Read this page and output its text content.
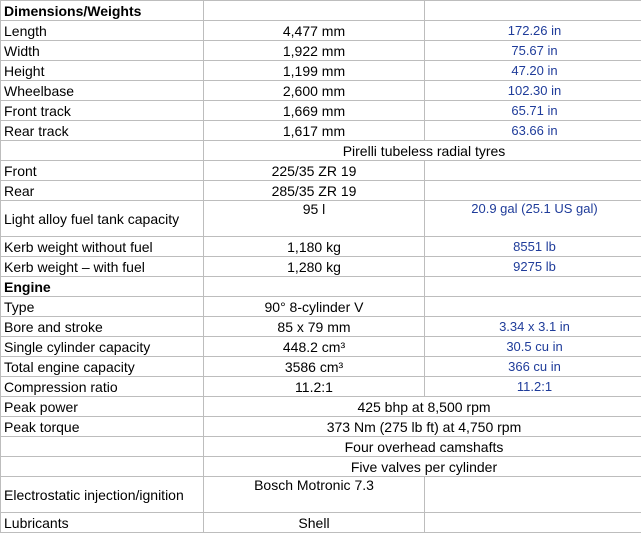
Dimensions/Weights		
Length	4,477 mm	172.26 in
Width	1,922 mm	75.67 in
Height	1,199 mm	47.20 in
Wheelbase	2,600 mm	102.30 in
Front track	1,669 mm	65.71 in
Rear track	1,617 mm	63.66 in
	Pirelli tubeless radial tyres	
Front	225/35 ZR 19	
Rear	285/35 ZR 19	
Light alloy fuel tank capacity	95 l	20.9 gal (25.1 US gal)
Kerb weight without fuel	1,180 kg	8551 lb
Kerb weight – with fuel	1,280 kg	9275 lb
Engine		
Type	90° 8-cylinder V	
Bore and stroke	85 x 79 mm	3.34 x 3.1 in
Single cylinder capacity	448.2 cm³	30.5 cu in
Total engine capacity	3586 cm³	366 cu in
Compression ratio	11.2:1	11.2:1
Peak power	425 bhp at 8,500 rpm	
Peak torque	373 Nm (275 lb ft) at 4,750 rpm	
	Four overhead camshafts	
	Five valves per cylinder	
Electrostatic injection/ignition	Bosch Motronic 7.3	
Lubricants	Shell	
